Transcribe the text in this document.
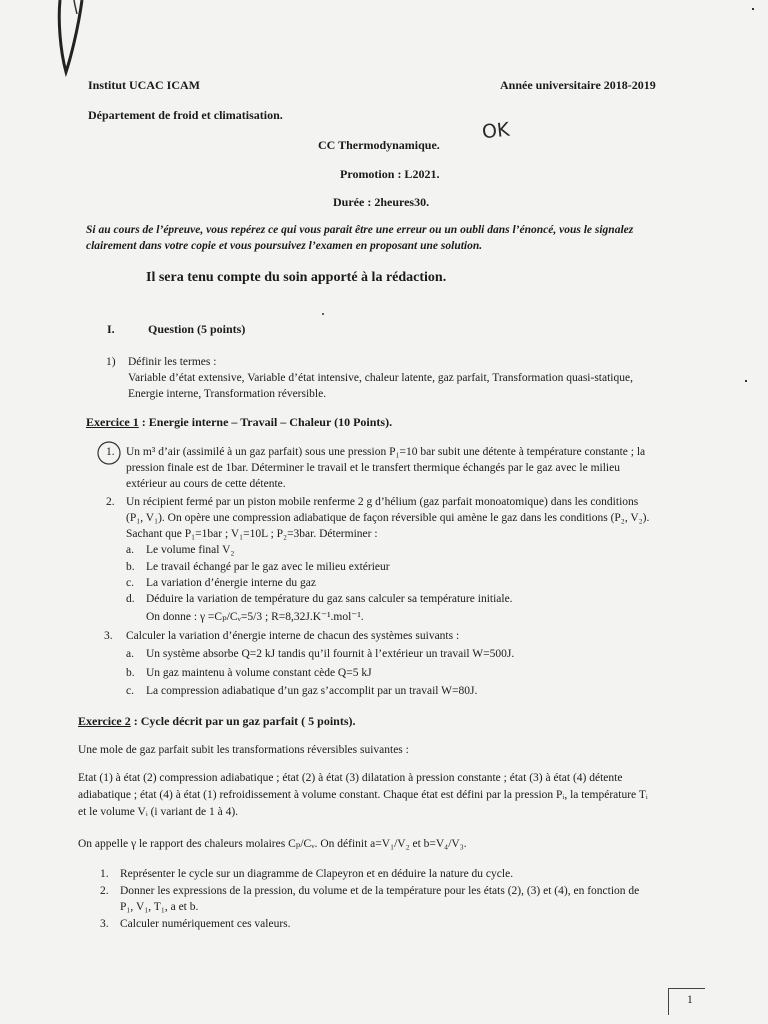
Institut UCAC ICAM	Année universitaire 2018-2019
Département de froid et climatisation.
CC Thermodynamique.
OK
Promotion : L2021.
Durée : 2heures30.
Si au cours de l’épreuve, vous repérez ce qui vous parait être une erreur ou un oubli dans l’énoncé, vous le signalez
clairement dans votre copie et vous poursuivez l’examen en proposant une solution.
Il sera tenu compte du soin apporté à la rédaction.
I.	Question (5 points)
1) Définir les termes :
Variable d’état extensive, Variable d’état intensive, chaleur latente, gaz parfait, Transformation quasi-statique,
Energie interne, Transformation réversible.
Exercice 1 : Energie interne – Travail – Chaleur (10 Points).
1. Un m³ d’air (assimilé à un gaz parfait) sous une pression P₁=10 bar subit une détente à température constante ; la
pression finale est de 1bar. Déterminer le travail et le transfert thermique échangés par le gaz avec le milieu
extérieur au cours de cette détente.
2. Un récipient fermé par un piston mobile renferme 2 g d’hélium (gaz parfait monoatomique) dans les conditions
(P₁, V₁). On opère une compression adiabatique de façon réversible qui amène le gaz dans les conditions (P₂, V₂).
Sachant que P₁=1bar ; V₁=10L ; P₂=3bar. Déterminer :
a. Le volume final V₂
b. Le travail échangé par le gaz avec le milieu extérieur
c. La variation d’énergie interne du gaz
d. Déduire la variation de température du gaz sans calculer sa température initiale.
On donne : γ =Cₚ/Cᵥ=5/3 ; R=8,32J.K⁻¹.mol⁻¹.
3. Calculer la variation d’énergie interne de chacun des systèmes suivants :
a. Un système absorbe Q=2 kJ tandis qu’il fournit à l’extérieur un travail W=500J.
b. Un gaz maintenu à volume constant cède Q=5 kJ
c. La compression adiabatique d’un gaz s’accomplit par un travail W=80J.
Exercice 2 : Cycle décrit par un gaz parfait ( 5 points).
Une mole de gaz parfait subit les transformations réversibles suivantes :
Etat (1) à état (2) compression adiabatique ; état (2) à état (3) dilatation à pression constante ; état (3) à état (4) détente
adiabatique ; état (4) à état (1) refroidissement à volume constant. Chaque état est défini par la pression Pᵢ, la température Tᵢ
et le volume Vᵢ (i variant de 1 à 4).
On appelle γ le rapport des chaleurs molaires Cₚ/Cᵥ. On définit a=V₁/V₂ et b=V₄/V₃.
1. Représenter le cycle sur un diagramme de Clapeyron et en déduire la nature du cycle.
2. Donner les expressions de la pression, du volume et de la température pour les états (2), (3) et (4), en fonction de
P₁, V₁, T₁, a et b.
3. Calculer numériquement ces valeurs.
1
